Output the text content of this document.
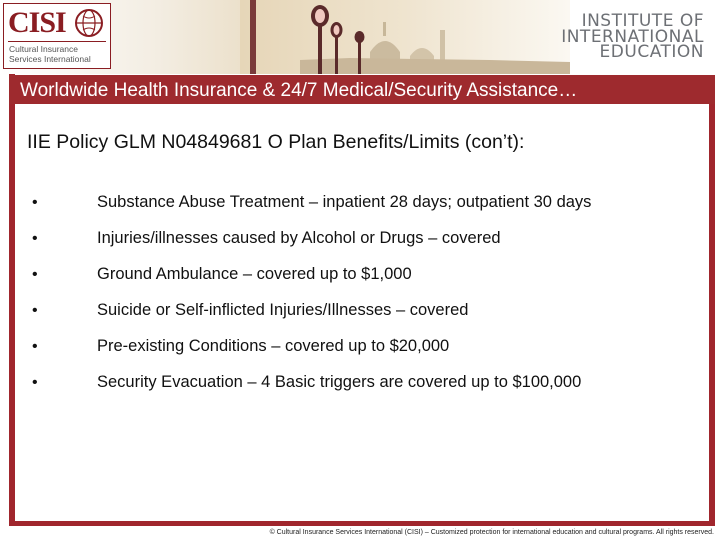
CISI
Cultural Insurance
Services International
INSTITUTE OF
INTERNATIONAL
EDUCATION
Worldwide Health Insurance & 24/7 Medical/Security Assistance…
IIE Policy GLM N04849681 O Plan Benefits/Limits (con’t):
•	Substance Abuse Treatment – inpatient 28 days; outpatient 30 days
•	Injuries/illnesses caused by Alcohol or Drugs – covered
•	Ground Ambulance – covered up to $1,000
•	Suicide or Self-inflicted Injuries/Illnesses – covered
•	Pre-existing Conditions – covered up to $20,000
•	Security Evacuation – 4 Basic triggers are covered up to $100,000
© Cultural Insurance Services International (CISI) – Customized protection for international education and cultural programs. All rights reserved.
